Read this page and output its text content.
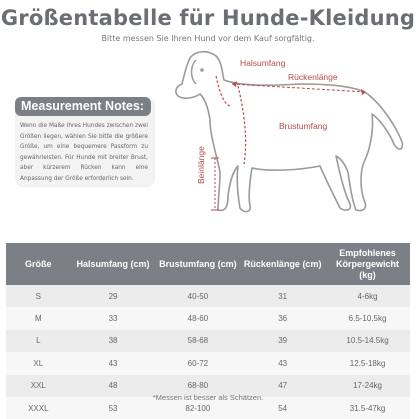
Größentabelle für Hunde-Kleidung
Bitte messen Sie Ihren Hund vor dem Kauf sorgfältig.
Measurement Notes:
Wenn die Maße Ihres Hundes zwischen zwei Größen liegen, wählen Sie bitte die größere Größe, um eine bequemere Passform zu gewährleisten. Für Hunde mit breiter Brust, aber kürzerem Rücken kann eine Anpassung der Größe erforderlich sein.
Halsumfang
Rückenlänge
Brustumfang
Beinlänge
Größe	Halsumfang (cm)	Brustumfang (cm)	Rückenlänge (cm)	Empfohlenes Körpergewicht (kg)
S	29	40-50	31	4-6kg
M	33	48-60	36	6.5-10.5kg
L	38	58-68	39	10.5-14.5kg
XL	43	60-72	43	12.5-18kg
XXL	48	68-80	47	17-24kg
XXXL	53	82-100	54	31.5-47kg
*Messen ist besser als Schätzen.
